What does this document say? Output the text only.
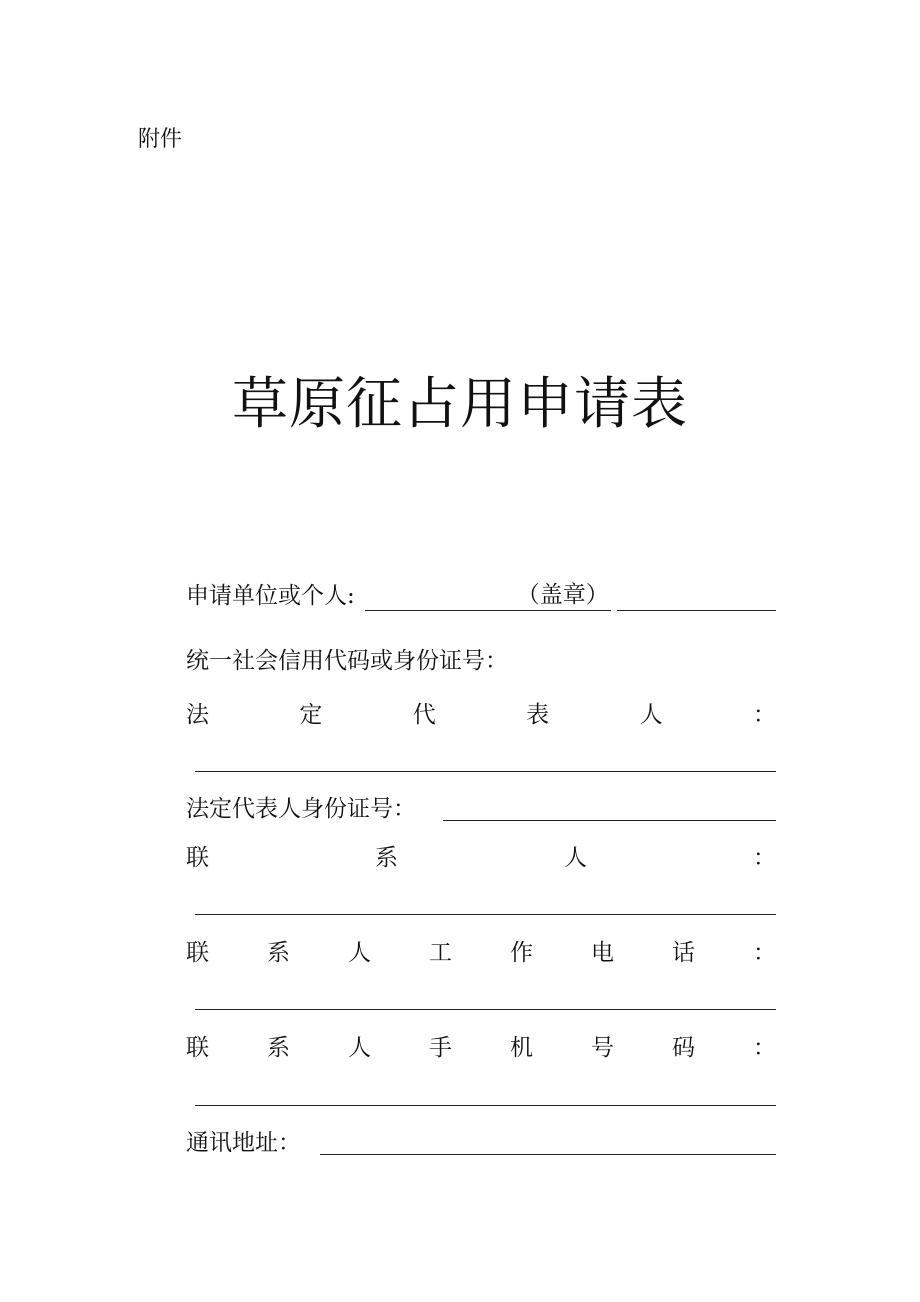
附件
草原征占用申请表
申请单位或个人:	（盖章）
统一社会信用代码或身份证号：
法	定	代	表	人	：
法定代表人身份证号：
联	系	人	：
联	系	人	工	作	电	话	：
联	系	人	手	机	号	码	：
通讯地址：
